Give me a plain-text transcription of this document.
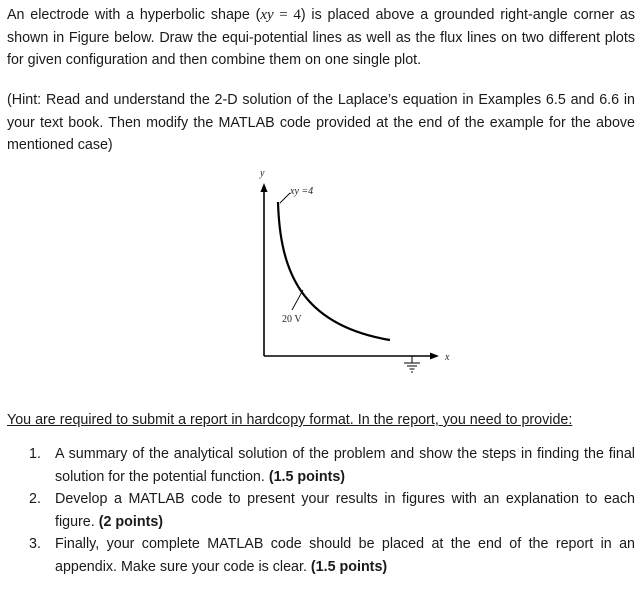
An electrode with a hyperbolic shape (xy = 4) is placed above a grounded right-angle corner as shown in Figure below. Draw the equi-potential lines as well as the flux lines on two different plots for given configuration and then combine them on one single plot.

(Hint: Read and understand the 2-D solution of the Laplace’s equation in Examples 6.5 and 6.6 in your text book. Then modify the MATLAB code provided at the end of the example for the above mentioned case)

y
x
xy =4
20 V
You are required to submit a report in hardcopy format. In the report, you need to provide:
1. A summary of the analytical solution of the problem and show the steps in finding the final solution for the potential function. (1.5 points)
2. Develop a MATLAB code to present your results in figures with an explanation to each figure. (2 points)
3. Finally, your complete MATLAB code should be placed at the end of the report in an appendix. Make sure your code is clear. (1.5 points)
